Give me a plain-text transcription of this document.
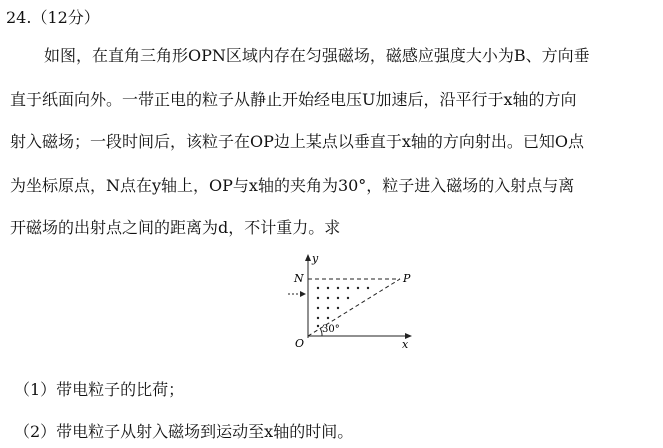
24.（12分）
如图，在直角三角形OPN区域内存在匀强磁场，磁感应强度大小为B、方向垂
直于纸面向外。一带正电的粒子从静止开始经电压U加速后，沿平行于x轴的方向
射入磁场；一段时间后，该粒子在OP边上某点以垂直于x轴的方向射出。已知O点
为坐标原点，N点在y轴上，OP与x轴的夹角为30°，粒子进入磁场的入射点与离
开磁场的出射点之间的距离为d，不计重力。求
y
N	P
O	x
30°
（1）带电粒子的比荷；
（2）带电粒子从射入磁场到运动至x轴的时间。
